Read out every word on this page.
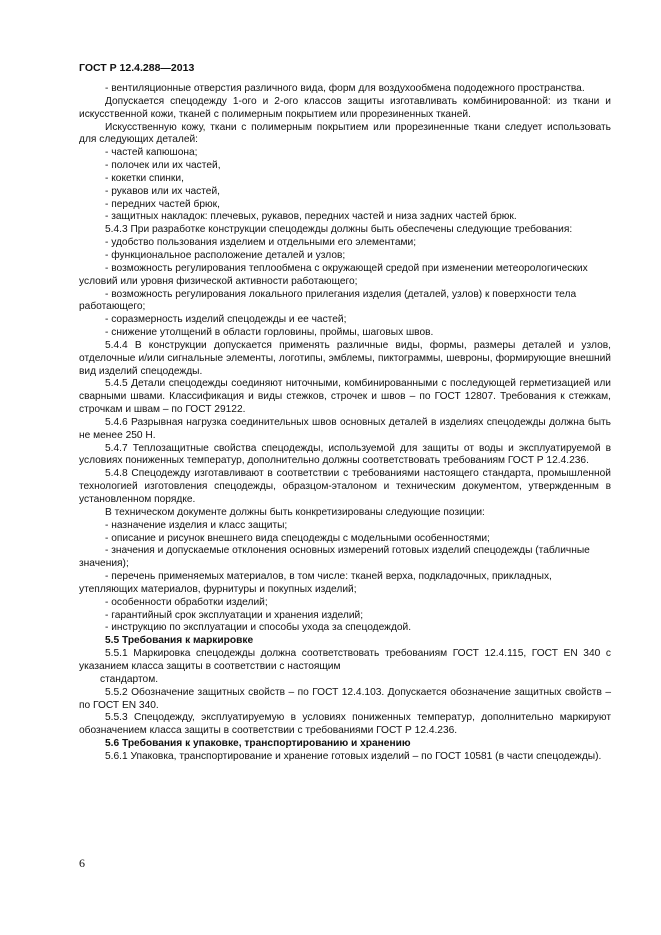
ГОСТ Р 12.4.288—2013

- вентиляционные отверстия различного вида, форм для воздухообмена пододежного пространства.

Допускается спецодежду 1-ого и 2-ого классов защиты изготавливать комбинированной: из ткани и искусственной кожи, тканей с полимерным покрытием или прорезиненных тканей.

Искусственную кожу, ткани с полимерным покрытием или прорезиненные ткани следует использовать для следующих деталей:

- частей капюшона;

- полочек или их частей,

- кокетки спинки,

- рукавов или их частей,

- передних частей брюк,

- защитных накладок: плечевых, рукавов, передних частей и низа задних частей брюк.

5.4.3 При разработке конструкции спецодежды должны быть обеспечены следующие требования:

- удобство пользования изделием и отдельными его элементами;

- функциональное расположение деталей и узлов;

- возможность регулирования теплообмена с окружающей средой при изменении метеорологических условий или уровня физической активности работающего;

- возможность регулирования локального прилегания изделия (деталей, узлов) к поверхности тела работающего;

- соразмерность изделий спецодежды и ее частей;

- снижение утолщений в области горловины, проймы, шаговых швов.

5.4.4 В конструкции допускается применять различные виды, формы, размеры деталей и узлов, отделочные и/или сигнальные элементы, логотипы, эмблемы, пиктограммы, шевроны, формирующие внешний вид изделий спецодежды.

5.4.5 Детали спецодежды соединяют ниточными, комбинированными с последующей герметизацией или сварными швами. Классификация и виды стежков, строчек и швов – по ГОСТ 12807. Требования к стежкам, строчкам и швам – по ГОСТ 29122.

5.4.6 Разрывная нагрузка соединительных швов основных деталей в изделиях спецодежды должна быть не менее 250 Н.

5.4.7 Теплозащитные свойства спецодежды, используемой для защиты от воды и эксплуатируемой в условиях пониженных температур, дополнительно должны соответствовать требованиям ГОСТ Р 12.4.236.

5.4.8 Спецодежду изготавливают в соответствии с требованиями настоящего стандарта, промышленной технологией изготовления спецодежды, образцом-эталоном и техническим документом, утвержденным в установленном порядке.

В техническом документе должны быть конкретизированы следующие позиции:

- назначение изделия и класс защиты;

- описание и рисунок внешнего вида спецодежды с модельными особенностями;

- значения и допускаемые отклонения основных измерений готовых изделий спецодежды (табличные значения);

- перечень применяемых материалов, в том числе: тканей верха, подкладочных, прикладных, утепляющих материалов, фурнитуры и покупных изделий;

- особенности обработки изделий;

- гарантийный срок эксплуатации и хранения изделий;

- инструкцию по эксплуатации и способы ухода за спецодеждой.

5.5 Требования к маркировке

5.5.1 Маркировка спецодежды должна соответствовать требованиям ГОСТ 12.4.115, ГОСТ EN 340 с указанием класса защиты в соответствии с настоящим

стандартом.

5.5.2 Обозначение защитных свойств – по ГОСТ 12.4.103. Допускается обозначение защитных свойств – по ГОСТ EN 340.

5.5.3 Спецодежду, эксплуатируемую в условиях пониженных температур, дополнительно маркируют обозначением класса защиты в соответствии с требованиями ГОСТ Р 12.4.236.

5.6 Требования к упаковке, транспортированию и хранению

5.6.1 Упаковка, транспортирование и хранение готовых изделий – по ГОСТ 10581 (в части спецодежды).

6
